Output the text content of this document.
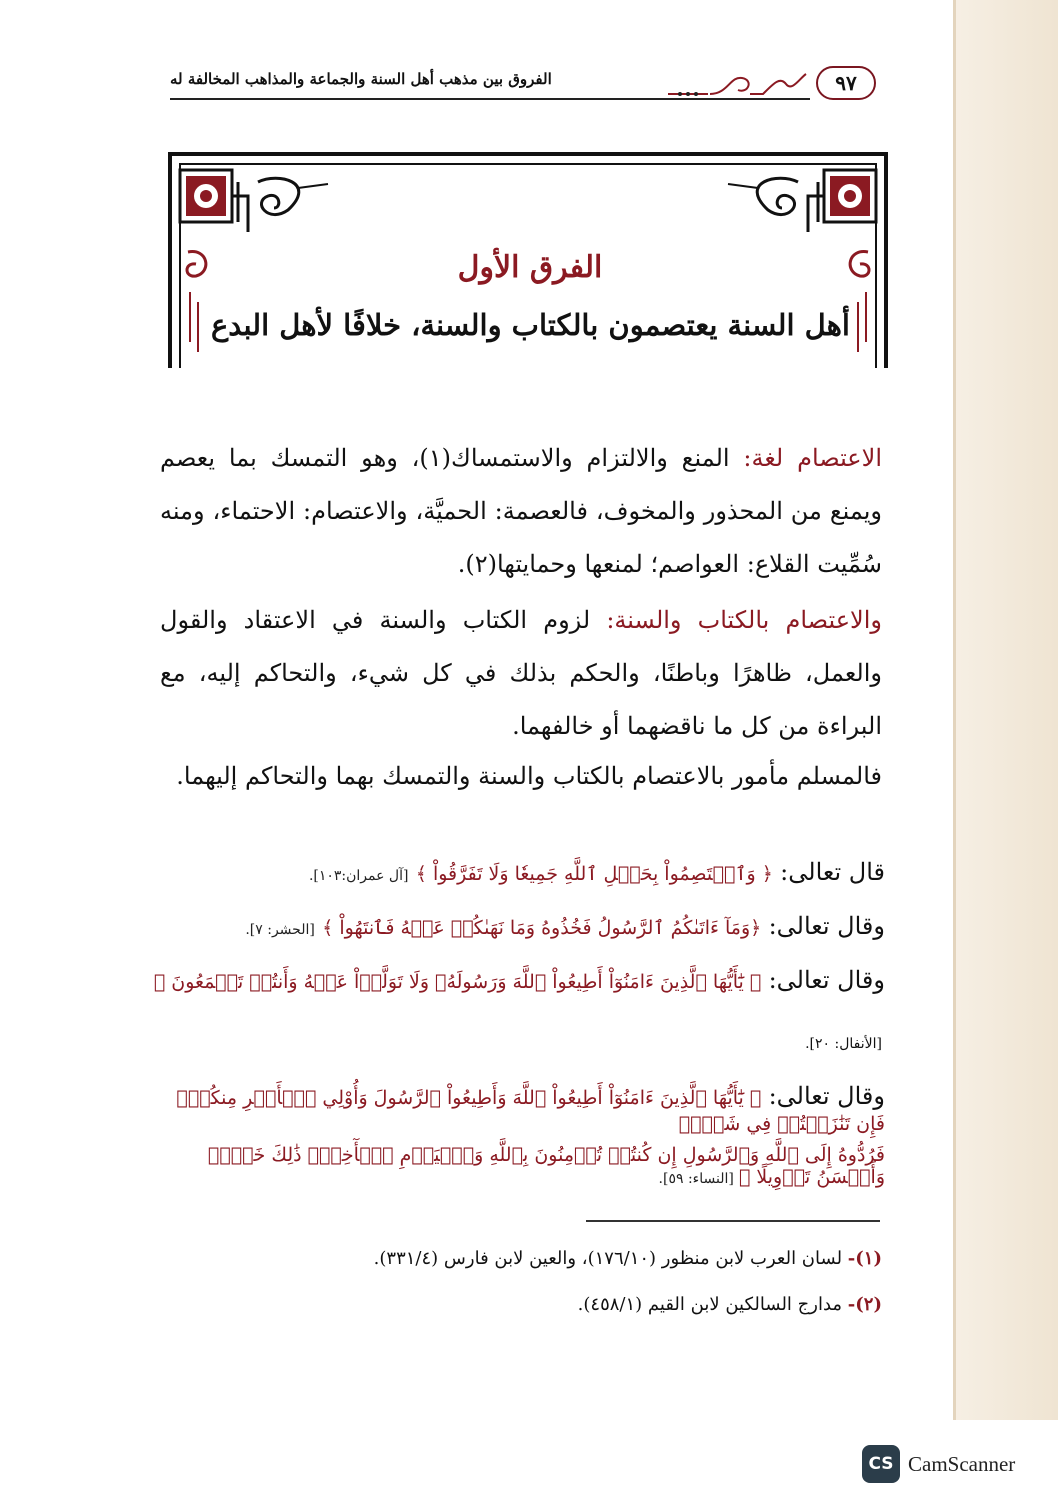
الفروق بين مذهب أهل السنة والجماعة والمذاهب المخالفة له	٩٧
الفرق الأول
أهل السنة يعتصمون بالكتاب والسنة، خلافًا لأهل البدع
الاعتصام لغة: المنع والالتزام والاستمساك(١)، وهو التمسك بما يعصم ويمنع من المحذور والمخوف، فالعصمة: الحميَّة، والاعتصام: الاحتماء، ومنه سُمِّيت القلاع: العواصم؛ لمنعها وحمايتها(٢).
والاعتصام بالكتاب والسنة: لزوم الكتاب والسنة في الاعتقاد والقول والعمل، ظاهرًا وباطنًا، والحكم بذلك في كل شيء، والتحاكم إليه، مع البراءة من كل ما ناقضهما أو خالفهما.
فالمسلم مأمور بالاعتصام بالكتاب والسنة والتمسك بهما والتحاكم إليهما.
قال تعالى: ﴿ وَٱعۡتَصِمُواْ بِحَبۡلِ ٱللَّهِ جَمِيعٗا وَلَا تَفَرَّقُواْ ﴾ [آل عمران:١٠٣].
وقال تعالى: ﴿وَمَآ ءَاتَىٰكُمُ ٱلرَّسُولُ فَخُذُوهُ وَمَا نَهَىٰكُمۡ عَنۡهُ فَٱنتَهُواْ ﴾ [الحشر: ٧].
وقال تعالى: ﴿ يَٰٓأَيُّهَا ٱلَّذِينَ ءَامَنُوٓاْ أَطِيعُواْ ٱللَّهَ وَرَسُولَهُۥ وَلَا تَوَلَّوۡاْ عَنۡهُ وَأَنتُمۡ تَسۡمَعُونَ ﴾
[الأنفال: ٢٠].
وقال تعالى: ﴿ يَٰٓأَيُّهَا ٱلَّذِينَ ءَامَنُوٓاْ أَطِيعُواْ ٱللَّهَ وَأَطِيعُواْ ٱلرَّسُولَ وَأُوْلِي ٱلۡأَمۡرِ مِنكُمۡۖ فَإِن تَنَٰزَعۡتُمۡ فِي شَيۡءٖ
فَرُدُّوهُ إِلَى ٱللَّهِ وَٱلرَّسُولِ إِن كُنتُمۡ تُؤۡمِنُونَ بِٱللَّهِ وَٱلۡيَوۡمِ ٱلۡأٓخِرِۚ ذَٰلِكَ خَيۡرٞ وَأَحۡسَنُ تَأۡوِيلًا ﴾ [النساء: ٥٩].
(١)- لسان العرب لابن منظور (١٧٦/١٠)، والعين لابن فارس (٣٣١/٤).
(٢)- مدارج السالكين لابن القيم (٤٥٨/١).
CS CamScanner
